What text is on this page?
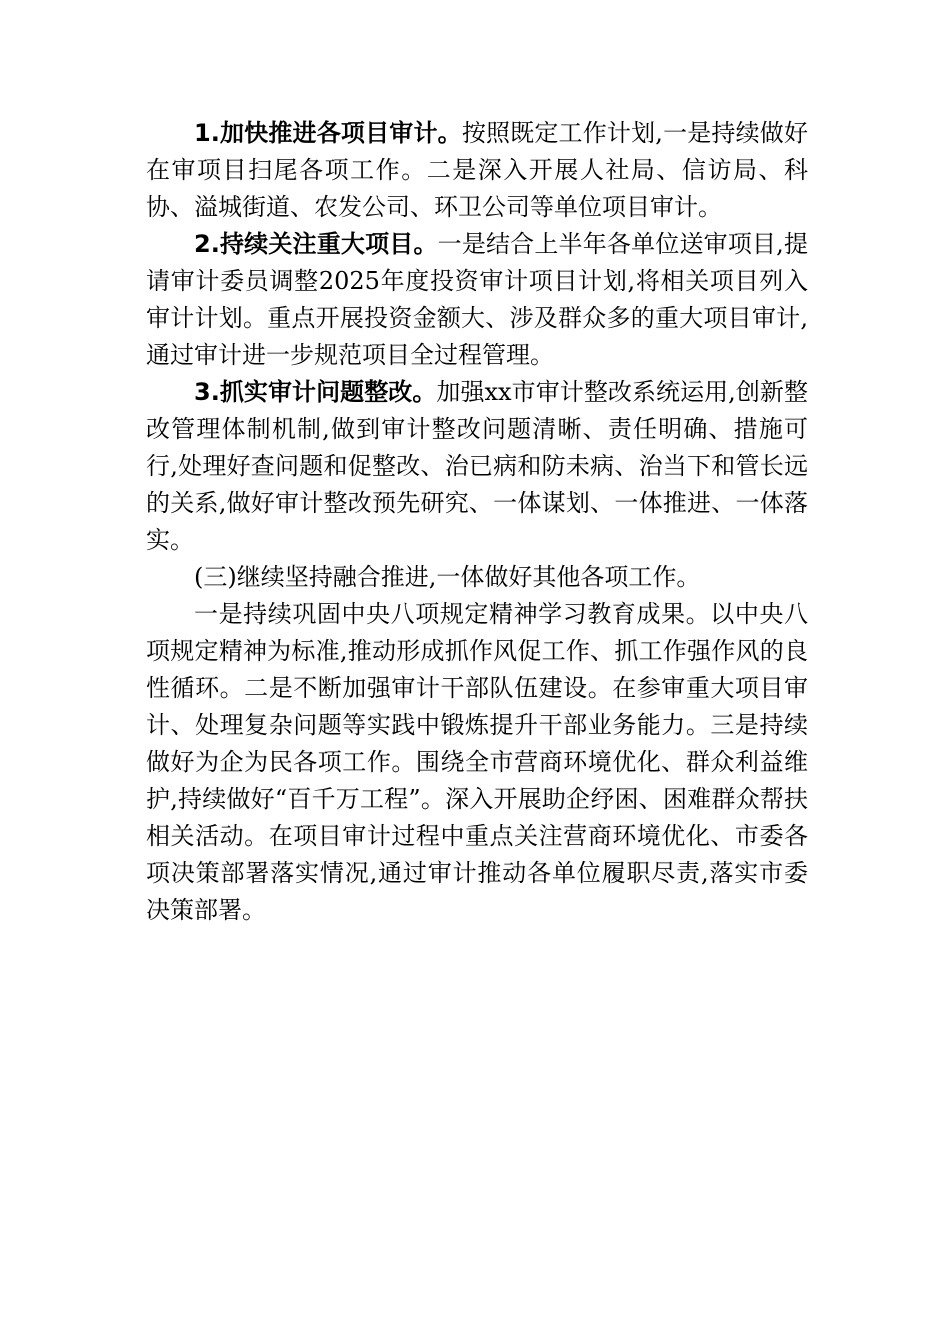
1.加快推进各项目审计。按照既定工作计划,一是持续做好在审项目扫尾各项工作。二是深入开展人社局、信访局、科协、溢城街道、农发公司、环卫公司等单位项目审计。

2.持续关注重大项目。一是结合上半年各单位送审项目,提请审计委员调整2025年度投资审计项目计划,将相关项目列入审计计划。重点开展投资金额大、涉及群众多的重大项目审计,通过审计进一步规范项目全过程管理。

3.抓实审计问题整改。加强xx市审计整改系统运用,创新整改管理体制机制,做到审计整改问题清晰、责任明确、措施可行,处理好查问题和促整改、治已病和防未病、治当下和管长远的关系,做好审计整改预先研究、一体谋划、一体推进、一体落实。

(三)继续坚持融合推进,一体做好其他各项工作。

一是持续巩固中央八项规定精神学习教育成果。以中央八项规定精神为标准,推动形成抓作风促工作、抓工作强作风的良性循环。二是不断加强审计干部队伍建设。在参审重大项目审计、处理复杂问题等实践中锻炼提升干部业务能力。三是持续做好为企为民各项工作。围绕全市营商环境优化、群众利益维护,持续做好“百千万工程”。深入开展助企纾困、困难群众帮扶相关活动。在项目审计过程中重点关注营商环境优化、市委各项决策部署落实情况,通过审计推动各单位履职尽责,落实市委决策部署。
